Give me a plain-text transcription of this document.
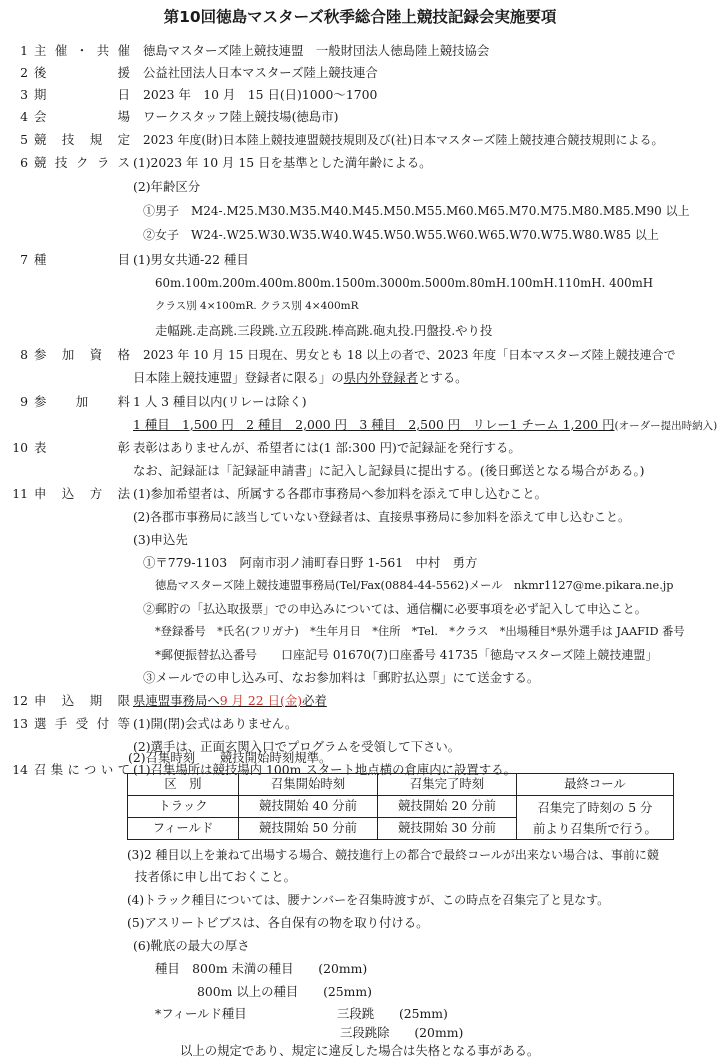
第10回徳島マスターズ秋季総合陸上競技記録会実施要項
1 主催・共催 徳島マスターズ陸上競技連盟　一般財団法人徳島陸上競技協会
2 後援 公益社団法人日本マスターズ陸上競技連合
3 期日 2023 年　10 月　15 日(日)1000～1700
4 会場 ワークスタッフ陸上競技場(徳島市)
5 競技規定 2023 年度(財)日本陸上競技連盟競技規則及び(社)日本マスターズ陸上競技連合競技規則による。
6 競技クラス (1)2023 年 10 月 15 日を基準とした満年齢による。
(2)年齢区分
①男子　M24-.M25.M30.M35.M40.M45.M50.M55.M60.M65.M70.M75.M80.M85.M90 以上
②女子　W24-.W25.W30.W35.W40.W45.W50.W55.W60.W65.W70.W75.W80.W85 以上
7 種目 (1)男女共通-22 種目
60m.100m.200m.400m.800m.1500m.3000m.5000m.80mH.100mH.110mH. 400mH
クラス別 4×100mR. クラス別 4×400mR
走幅跳.走高跳.三段跳.立五段跳.棒高跳.砲丸投.円盤投.やり投
8 参加資格 2023 年 10 月 15 日現在、男女とも 18 以上の者で、2023 年度「日本マスターズ陸上競技連合で
日本陸上競技連盟」登録者に限る」の県内外登録者とする。
9 参加料 1 人 3 種目以内(リレーは除く)
1 種目　1,500 円　2 種目　2,000 円　3 種目　2,500 円　リレー1 チーム 1,200 円(オーダー提出時納入)
10 表彰 表彰はありませんが、希望者には(1 部:300 円)で記録証を発行する。
なお、記録証は「記録証申請書」に記入し記録員に提出する。(後日郵送となる場合がある。)
11 申込方法 (1)参加希望者は、所属する各郡市事務局へ参加料を添えて申し込むこと。
(2)各郡市事務局に該当していない登録者は、直接県事務局に参加料を添えて申し込むこと。
(3)申込先
①〒779-1103　阿南市羽ノ浦町春日野 1-561　中村　勇方
徳島マスターズ陸上競技連盟事務局(Tel/Fax(0884-44-5562)メール　nkmr1127@me.pikara.ne.jp
②郵貯の「払込取扱票」での申込みについては、通信欄に必要事項を必ず記入して申込こと。
*登録番号　*氏名(フリガナ)　*生年月日　*住所　*Tel.　*クラス　*出場種目*県外選手は JAAFID 番号
*郵便振替払込番号　　口座記号 01670(7)口座番号 41735「徳島マスターズ陸上競技連盟」
③メールでの申し込み可、なお参加料は「郵貯払込票」にて送金する。
12 申込期限 県連盟事務局へ9 月 22 日(金)必着
13 選手受付等 (1)開(閉)会式はありません。
(2)選手は、正面玄関入口でプログラムを受領して下さい。
14 召集について (1)召集場所は競技場内 100m スタート地点横の倉庫内に設置する。
区　別	召集開始時刻	召集完了時刻	最終コール
トラック	競技開始 40 分前	競技開始 20 分前	召集完了時刻の 5 分
前より召集所で行う。

フィールド	競技開始 50 分前	競技開始 30 分前	
(2)召集時刻　　競技開始時刻規準。
(3)2 種目以上を兼ねて出場する場合、競技進行上の都合で最終コールが出来ない場合は、事前に競
技者係に申し出ておくこと。
(4)トラック種目については、腰ナンバーを召集時渡すが、この時点を召集完了と見なす。
(5)アスリートビブスは、各自保有の物を取り付ける。
(6)靴底の最大の厚さ
種目　800m 未満の種目　　(20mm)
800m 以上の種目　　(25mm)
*フィールド種目	三段跳　　(25mm)
三段跳除　　(20mm)
以上の規定であり、規定に違反した場合は失格となる事がある。
